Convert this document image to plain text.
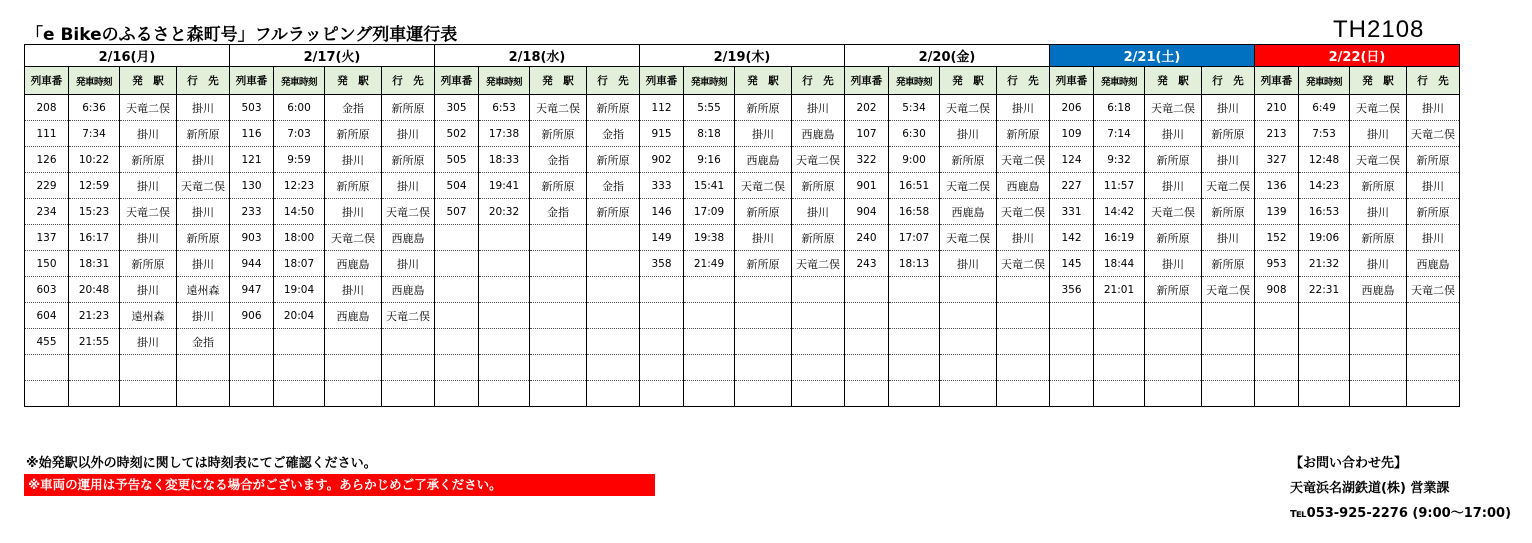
「e Bikeのふるさと森町号」フルラッピング列車運行表	TH2108
2/16(月)				2/17(火)				2/18(水)				2/19(木)				2/20(金)				2/21(土)				2/22(日)			
列車番	発車時刻	発　駅	行　先	列車番	発車時刻	発　駅	行　先	列車番	発車時刻	発　駅	行　先	列車番	発車時刻	発　駅	行　先	列車番	発車時刻	発　駅	行　先	列車番	発車時刻	発　駅	行　先	列車番	発車時刻	発　駅	行　先
208	6:36	天竜二俣	掛川	503	6:00	金指	新所原	305	6:53	天竜二俣	新所原	112	5:55	新所原	掛川	202	5:34	天竜二俣	掛川	206	6:18	天竜二俣	掛川	210	6:49	天竜二俣	掛川
111	7:34	掛川	新所原	116	7:03	新所原	掛川	502	17:38	新所原	金指	915	8:18	掛川	西鹿島	107	6:30	掛川	新所原	109	7:14	掛川	新所原	213	7:53	掛川	天竜二俣
126	10:22	新所原	掛川	121	9:59	掛川	新所原	505	18:33	金指	新所原	902	9:16	西鹿島	天竜二俣	322	9:00	新所原	天竜二俣	124	9:32	新所原	掛川	327	12:48	天竜二俣	新所原
229	12:59	掛川	天竜二俣	130	12:23	新所原	掛川	504	19:41	新所原	金指	333	15:41	天竜二俣	新所原	901	16:51	天竜二俣	西鹿島	227	11:57	掛川	天竜二俣	136	14:23	新所原	掛川
234	15:23	天竜二俣	掛川	233	14:50	掛川	天竜二俣	507	20:32	金指	新所原	146	17:09	新所原	掛川	904	16:58	西鹿島	天竜二俣	331	14:42	天竜二俣	新所原	139	16:53	掛川	新所原
137	16:17	掛川	新所原	903	18:00	天竜二俣	西鹿島					149	19:38	掛川	新所原	240	17:07	天竜二俣	掛川	142	16:19	新所原	掛川	152	19:06	新所原	掛川
150	18:31	新所原	掛川	944	18:07	西鹿島	掛川					358	21:49	新所原	天竜二俣	243	18:13	掛川	天竜二俣	145	18:44	掛川	新所原	953	21:32	掛川	西鹿島
603	20:48	掛川	遠州森	947	19:04	掛川	西鹿島													356	21:01	新所原	天竜二俣	908	22:31	西鹿島	天竜二俣
604	21:23	遠州森	掛川	906	20:04	西鹿島	天竜二俣																				
455	21:55	掛川	金指																								

※始発駅以外の時刻に関しては時刻表にてご確認ください。
※車両の運用は予告なく変更になる場合がございます。あらかじめご了承ください。
【お問い合わせ先】
天竜浜名湖鉄道(株) 営業課
℡053-925-2276 (9:00～17:00)
